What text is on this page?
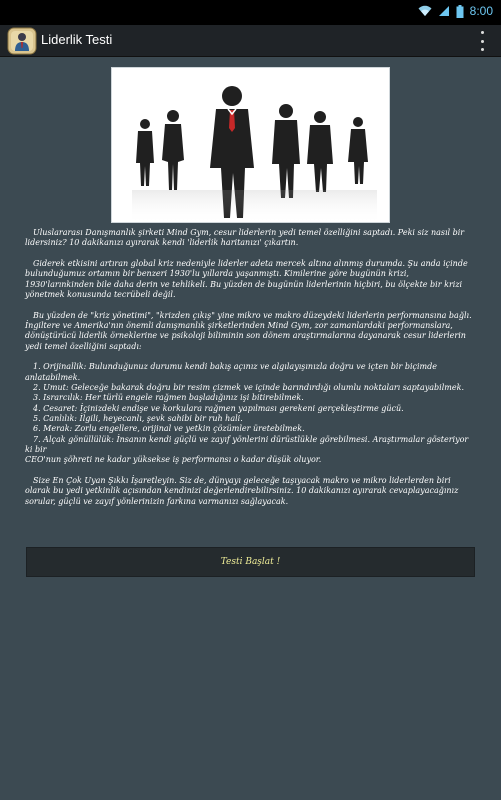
8:00
Liderlik Testi

Uluslararası Danışmanlık şirketi Mind Gym, cesur liderlerin yedi temel özelliğini saptadı. Peki siz nasıl bir lidersiniz? 10 dakikanızı ayırarak kendi 'liderlik haritanızı' çıkartın.

Giderek etkisini artıran global kriz nedeniyle liderler adeta mercek altına alınmış durumda. Şu anda içinde bulunduğumuz ortamın bir benzeri 1930'lu yıllarda yaşanmıştı. Kimilerine göre bugünün krizi, 1930'larınkinden bile daha derin ve tehlikeli. Bu yüzden de bugünün liderlerinin hiçbiri, bu ölçekte bir krizi yönetmek konusunda tecrübeli değil.

Bu yüzden de "kriz yönetimi", "krizden çıkış" yine mikro ve makro düzeydeki liderlerin performansına bağlı. İngiltere ve Amerika'nın önemli danışmanlık şirketlerinden Mind Gym, zor zamanlardaki performanslara, dönüştürücü liderlik örneklerine ve psikoloji biliminin son dönem araştırmalarına dayanarak cesur liderlerin yedi temel özelliğini saptadı:

1. Orijinallik: Bulunduğunuz durumu kendi bakış açınız ve algılayışınızla doğru ve içten bir biçimde anlatabilmek.
2. Umut: Geleceğe bakarak doğru bir resim çizmek ve içinde barındırdığı olumlu noktaları saptayabilmek.
3. Israrcılık: Her türlü engele rağmen başladığınız işi bitirebilmek.
4. Cesaret: İçinizdeki endişe ve korkulara rağmen yapılması gerekeni gerçekleştirme gücü.
5. Canlılık: İlgili, heyecanlı, şevk sahibi bir ruh hali.
6. Merak: Zorlu engellere, orijinal ve yetkin çözümler üretebilmek.
7. Alçak gönüllülük: İnsanın kendi güçlü ve zayıf yönlerini dürüstlükle görebilmesi. Araştırmalar gösteriyor ki bir
CEO'nun şöhreti ne kadar yüksekse iş performansı o kadar düşük oluyor.

Size En Çok Uyan Şıkkı İşaretleyin. Siz de, dünyayı geleceğe taşıyacak makro ve mikro liderlerden biri olarak bu yedi yetkinlik açısından kendinizi değerlendirebilirsiniz. 10 dakikanızı ayırarak cevaplayacağınız sorular, güçlü ve zayıf yönlerinizin farkına varmanızı sağlayacak.

Testi Başlat !
